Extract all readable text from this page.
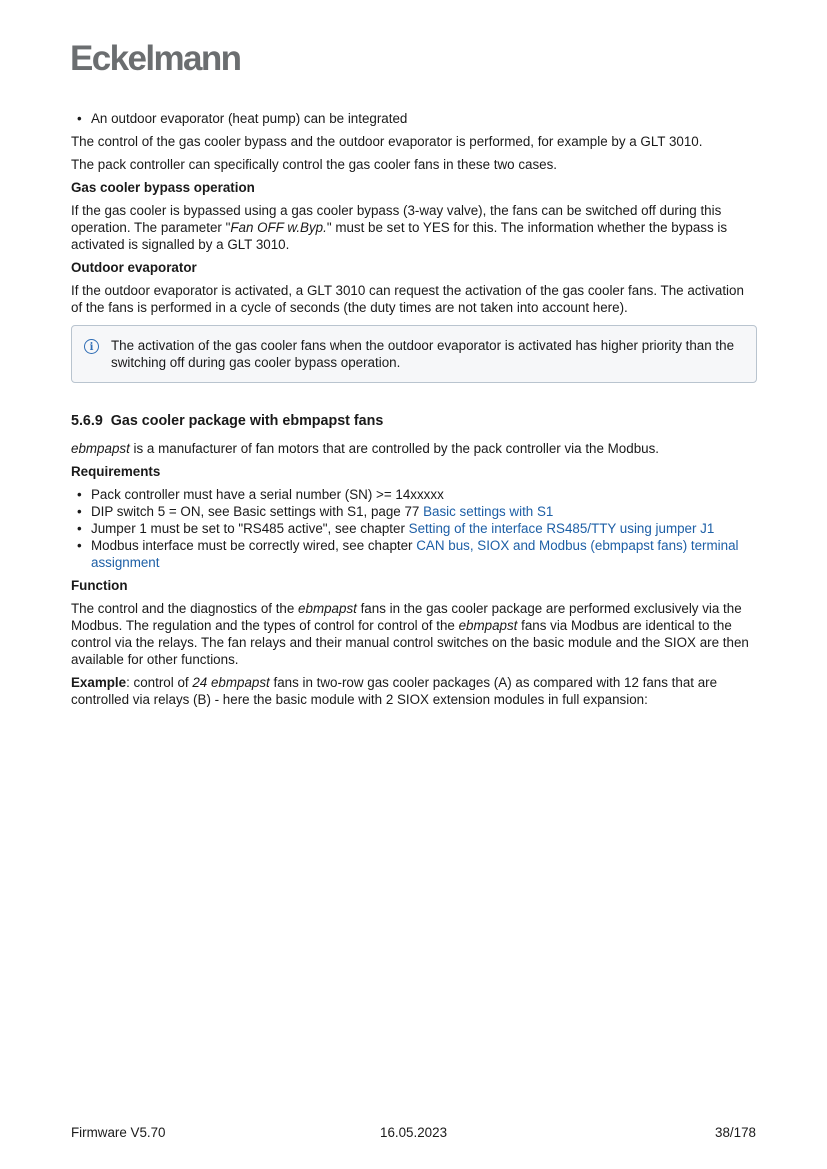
Eckelmann
• An outdoor evaporator (heat pump) can be integrated

The control of the gas cooler bypass and the outdoor evaporator is performed, for example by a GLT 3010.

The pack controller can specifically control the gas cooler fans in these two cases.

Gas cooler bypass operation

If the gas cooler is bypassed using a gas cooler bypass (3-way valve), the fans can be switched off during this operation. The parameter "Fan OFF w.Byp." must be set to YES for this. The information whether the bypass is activated is signalled by a GLT 3010.

Outdoor evaporator

If the outdoor evaporator is activated, a GLT 3010 can request the activation of the gas cooler fans. The activation of the fans is performed in a cycle of seconds (the duty times are not taken into account here).

i	The activation of the gas cooler fans when the outdoor evaporator is activated has higher priority than the switching off during gas cooler bypass operation.
5.6.9 Gas cooler package with ebmpapst fans

ebmpapst is a manufacturer of fan motors that are controlled by the pack controller via the Modbus.

Requirements
• Pack controller must have a serial number (SN) >= 14xxxxx
• DIP switch 5 = ON, see Basic settings with S1, page 77 Basic settings with S1
• Jumper 1 must be set to "RS485 active", see chapter Setting of the interface RS485/TTY using jumper J1
• Modbus interface must be correctly wired, see chapter CAN bus, SIOX and Modbus (ebmpapst fans) terminal assignment
Function

The control and the diagnostics of the ebmpapst fans in the gas cooler package are performed exclusively via the Modbus. The regulation and the types of control for control of the ebmpapst fans via Modbus are identical to the control via the relays. The fan relays and their manual control switches on the basic module and the SIOX are then available for other functions.

Example: control of 24 ebmpapst fans in two-row gas cooler packages (A) as compared with 12 fans that are controlled via relays (B) - here the basic module with 2 SIOX extension modules in full expansion:

Firmware V5.70	16.05.2023	38/178
